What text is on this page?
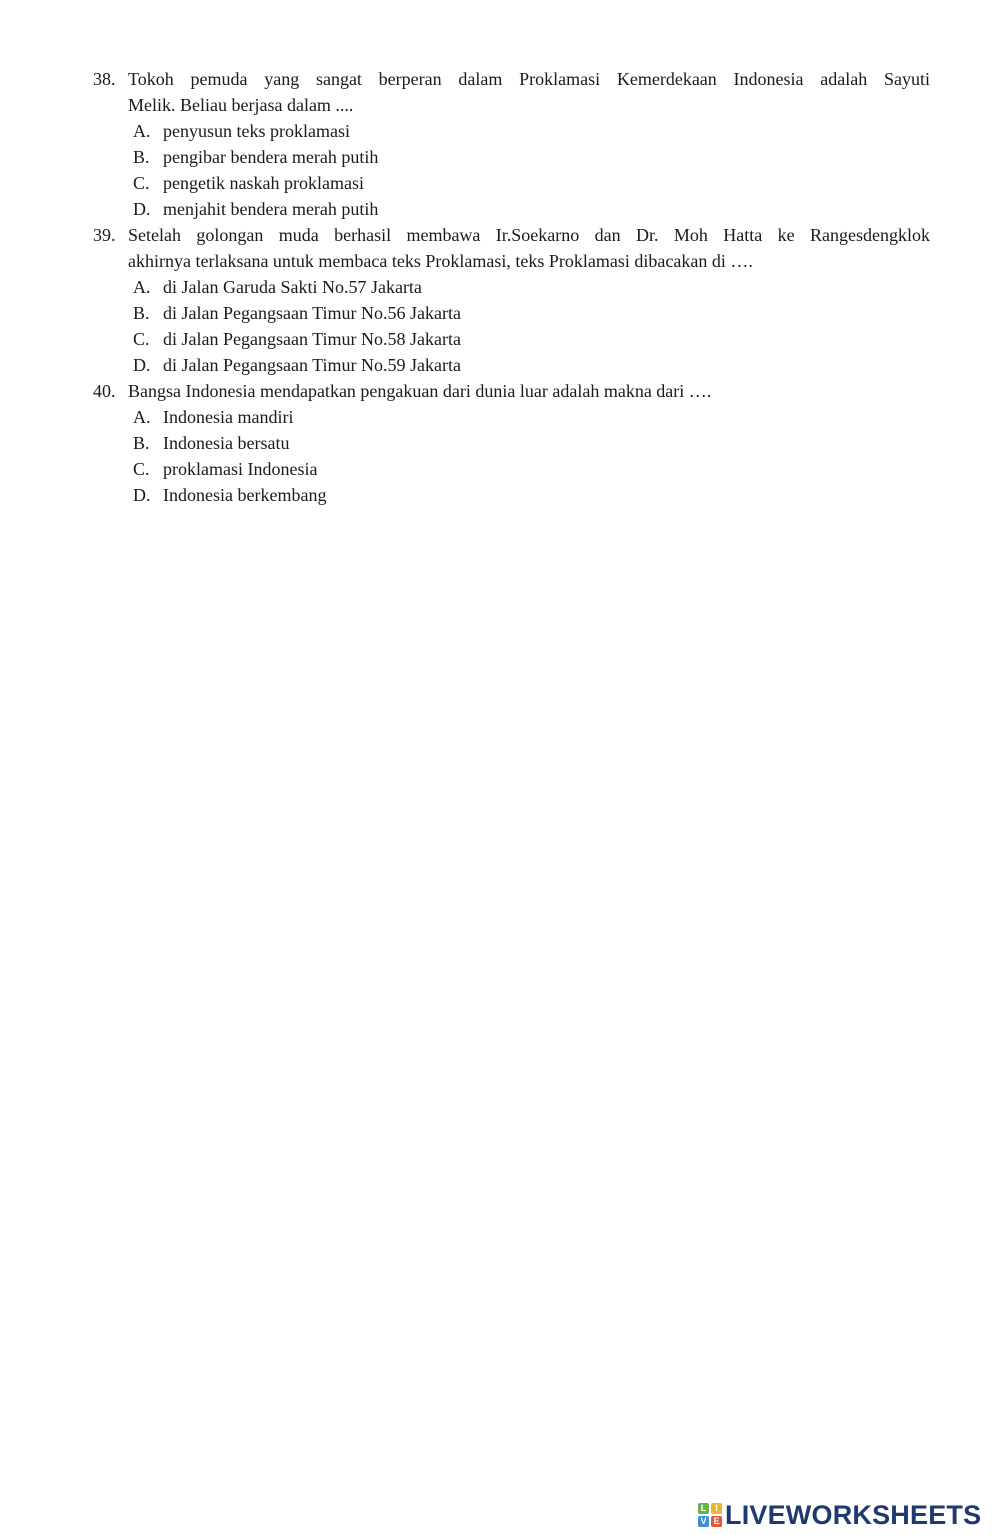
38. Tokoh pemuda yang sangat berperan dalam Proklamasi Kemerdekaan Indonesia adalah Sayuti
Melik. Beliau berjasa dalam ....
A. penyusun teks proklamasi
B. pengibar bendera merah putih
C. pengetik naskah proklamasi
D. menjahit bendera merah putih
39. Setelah golongan muda berhasil membawa Ir.Soekarno dan Dr. Moh Hatta ke Rangesdengklok
akhirnya terlaksana untuk membaca teks Proklamasi, teks Proklamasi dibacakan di ….
A. di Jalan Garuda Sakti No.57 Jakarta
B. di Jalan Pegangsaan Timur No.56 Jakarta
C. di Jalan Pegangsaan Timur No.58 Jakarta
D. di Jalan Pegangsaan Timur No.59 Jakarta
40. Bangsa Indonesia mendapatkan pengakuan dari dunia luar adalah makna dari ….
A. Indonesia mandiri
B. Indonesia bersatu
C. proklamasi Indonesia
D. Indonesia berkembang
L I
V E LIVEWORKSHEETS
